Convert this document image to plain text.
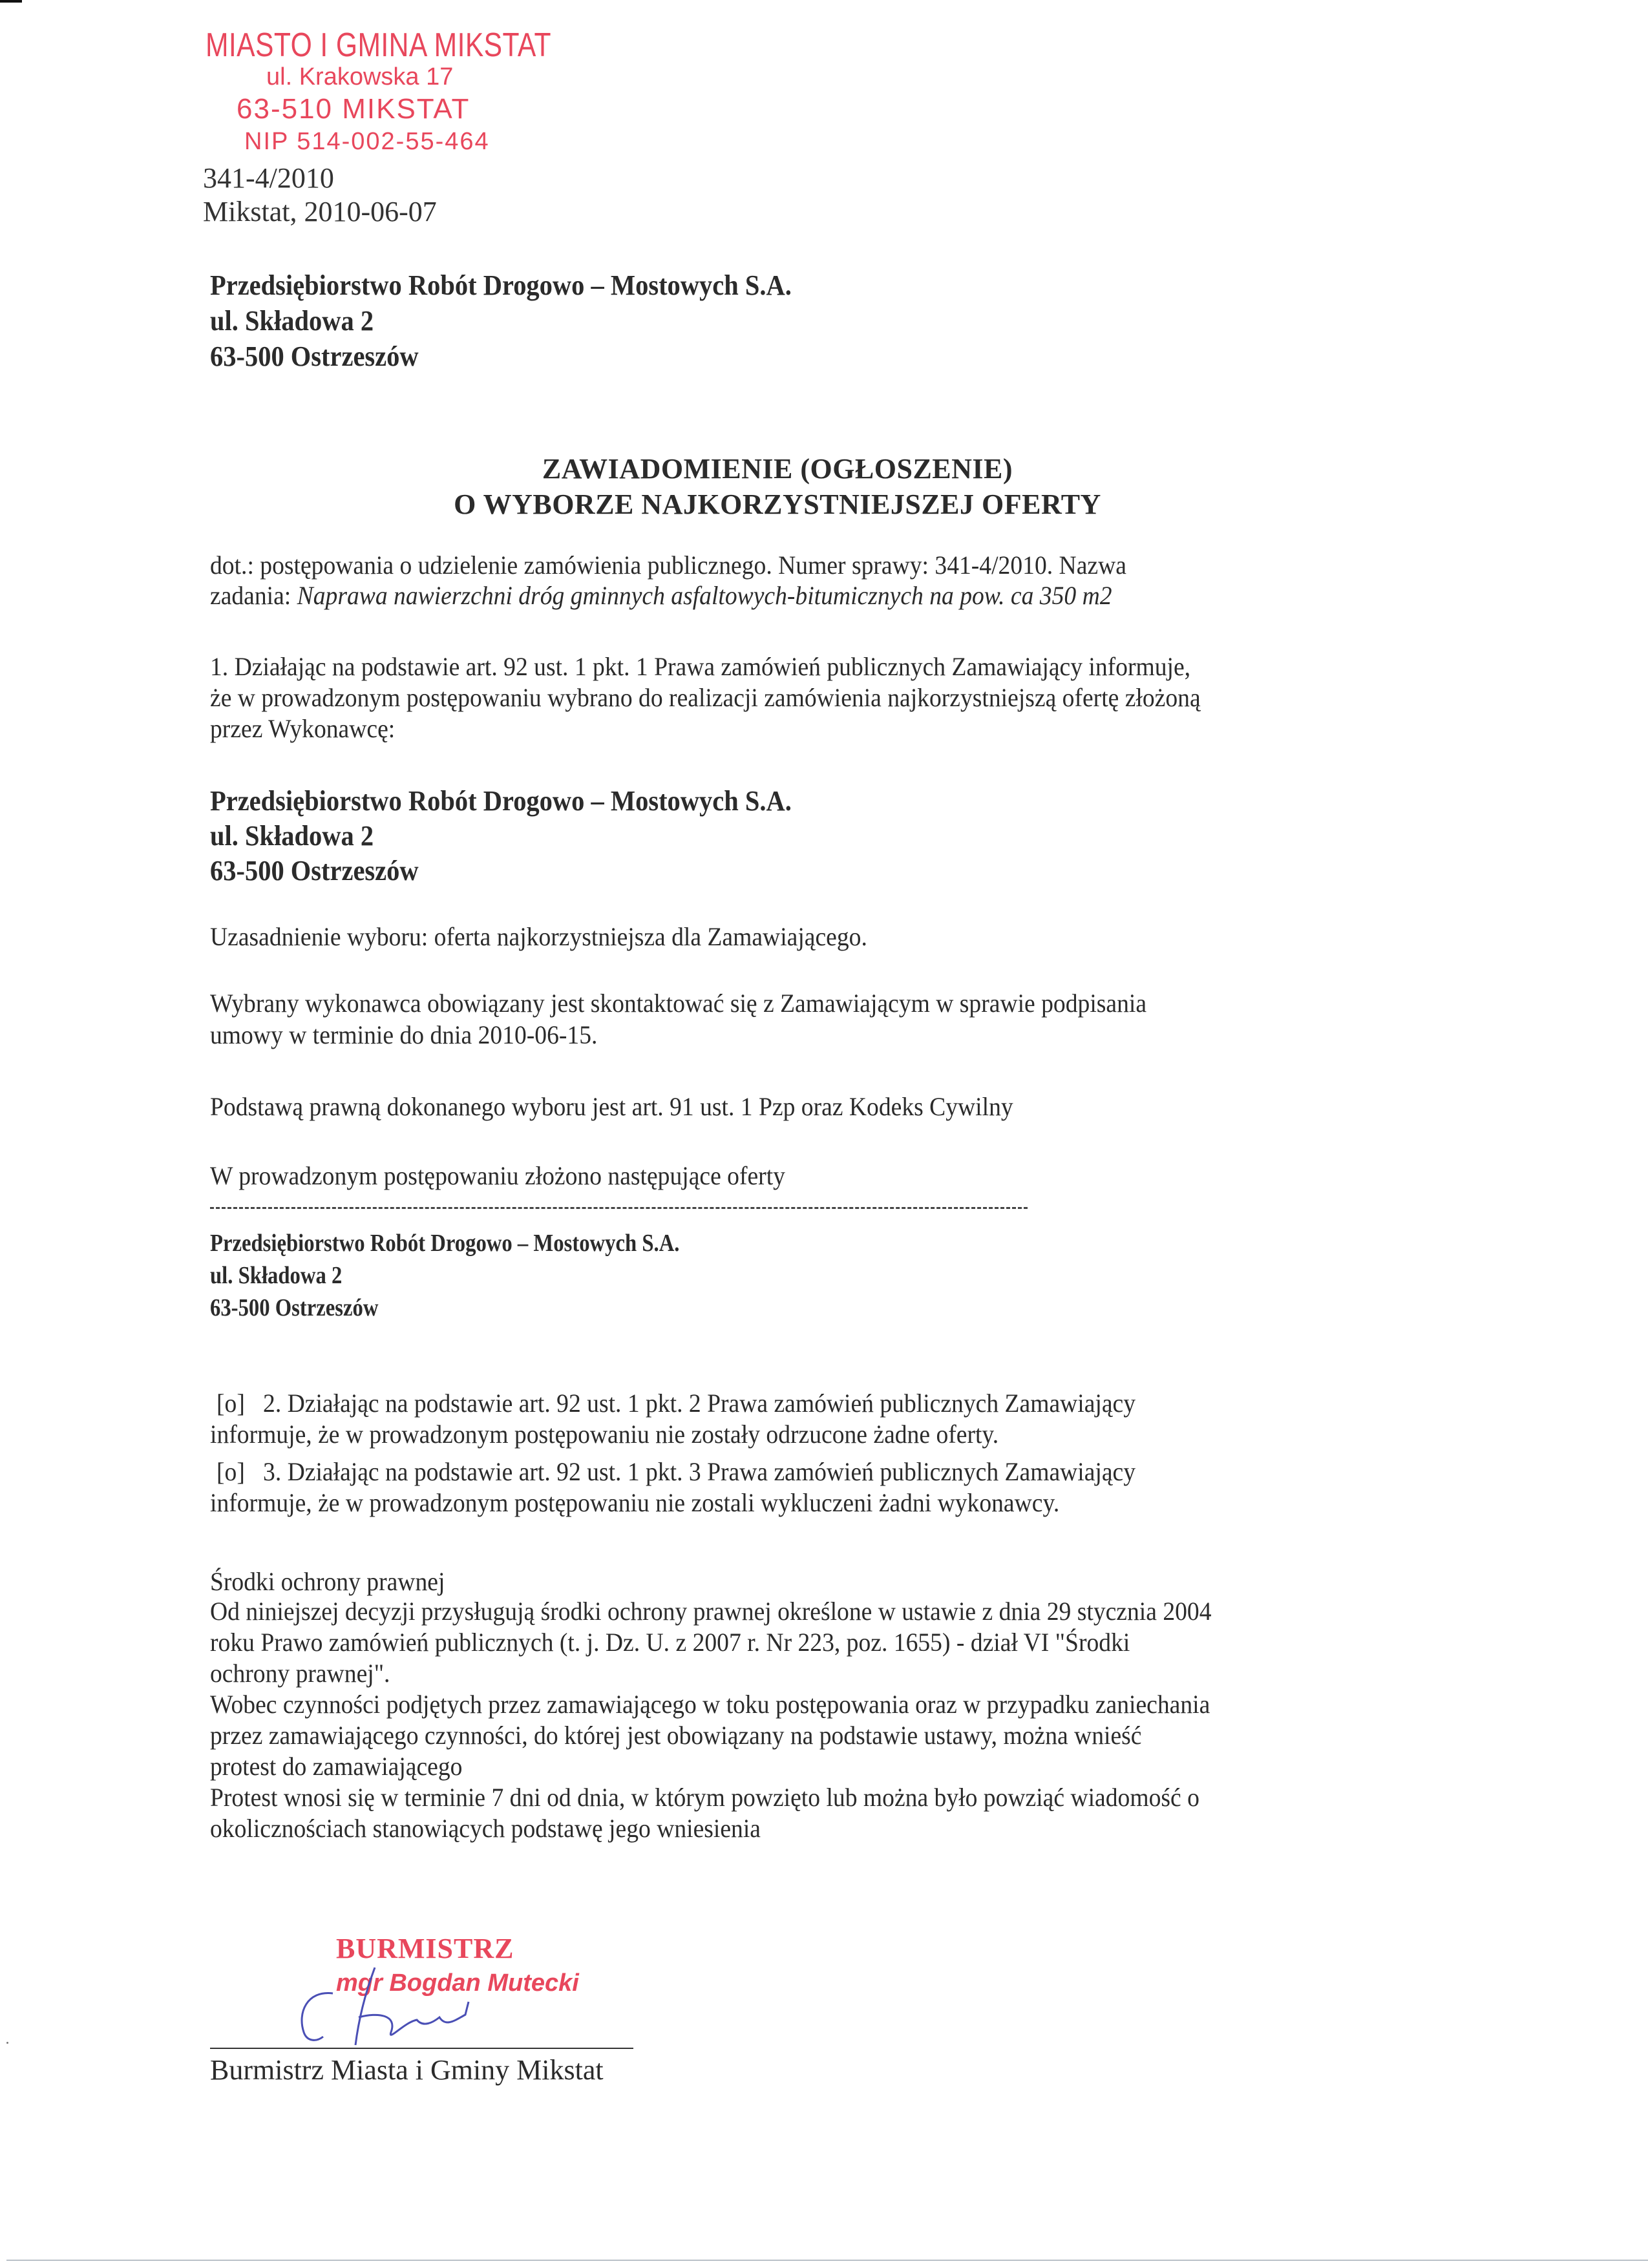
MIASTO I GMINA MIKSTAT
ul. Krakowska 17
63-510 MIKSTAT
NIP 514-002-55-464
341-4/2010
Mikstat, 2010-06-07
Przedsiębiorstwo Robót Drogowo – Mostowych S.A.
ul. Składowa 2
63-500 Ostrzeszów
ZAWIADOMIENIE (OGŁOSZENIE)
O WYBORZE NAJKORZYSTNIEJSZEJ OFERTY
dot.: postępowania o udzielenie zamówienia publicznego. Numer sprawy: 341-4/2010. Nazwa
zadania: Naprawa nawierzchni dróg gminnych asfaltowych-bitumicznych na pow. ca 350 m2
1. Działając na podstawie art. 92 ust. 1 pkt. 1 Prawa zamówień publicznych Zamawiający informuje,
że w prowadzonym postępowaniu wybrano do realizacji zamówienia najkorzystniejszą ofertę złożoną
przez Wykonawcę:
Przedsiębiorstwo Robót Drogowo – Mostowych S.A.
ul. Składowa 2
63-500 Ostrzeszów
Uzasadnienie wyboru: oferta najkorzystniejsza dla Zamawiającego.
Wybrany wykonawca obowiązany jest skontaktować się z Zamawiającym w sprawie podpisania
umowy w terminie do dnia 2010-06-15.
Podstawą prawną dokonanego wyboru jest art. 91 ust. 1 Pzp oraz Kodeks Cywilny
W prowadzonym postępowaniu złożono następujące oferty
Przedsiębiorstwo Robót Drogowo – Mostowych S.A.
ul. Składowa 2
63-500 Ostrzeszów
[o] 2. Działając na podstawie art. 92 ust. 1 pkt. 2 Prawa zamówień publicznych Zamawiający
informuje, że w prowadzonym postępowaniu nie zostały odrzucone żadne oferty.
[o] 3. Działając na podstawie art. 92 ust. 1 pkt. 3 Prawa zamówień publicznych Zamawiający
informuje, że w prowadzonym postępowaniu nie zostali wykluczeni żadni wykonawcy.
Środki ochrony prawnej
Od niniejszej decyzji przysługują środki ochrony prawnej określone w ustawie z dnia 29 stycznia 2004
roku Prawo zamówień publicznych (t. j. Dz. U. z 2007 r. Nr 223, poz. 1655) - dział VI "Środki
ochrony prawnej".
Wobec czynności podjętych przez zamawiającego w toku postępowania oraz w przypadku zaniechania
przez zamawiającego czynności, do której jest obowiązany na podstawie ustawy, można wnieść
protest do zamawiającego
Protest wnosi się w terminie 7 dni od dnia, w którym powzięto lub można było powziąć wiadomość o
okolicznościach stanowiących podstawę jego wniesienia
BURMISTRZ
mgr Bogdan Mutecki
Burmistrz Miasta i Gminy Mikstat
